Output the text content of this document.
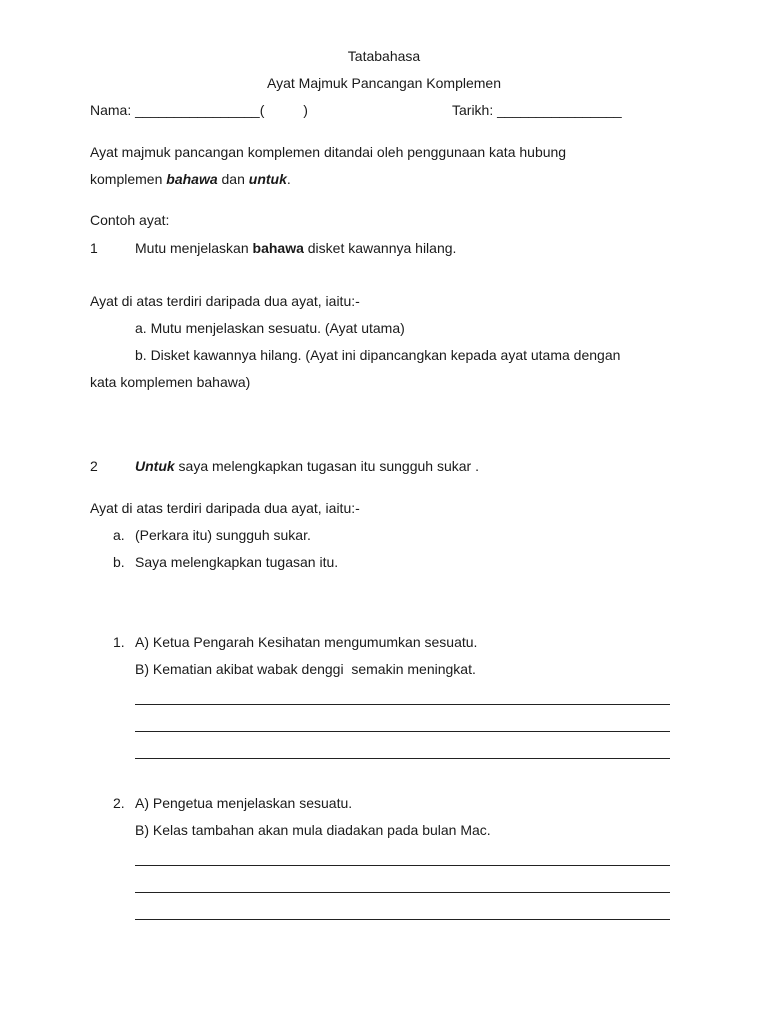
Tatabahasa
Ayat Majmuk Pancangan Komplemen
Nama: ________________(          )	Tarikh: ________________
Ayat majmuk pancangan komplemen ditandai oleh penggunaan kata hubung
komplemen bahawa dan untuk.
Contoh ayat:
1	Mutu menjelaskan bahawa disket kawannya hilang.
Ayat di atas terdiri daripada dua ayat, iaitu:-
a. Mutu menjelaskan sesuatu. (Ayat utama)
b. Disket kawannya hilang. (Ayat ini dipancangkan kepada ayat utama dengan
kata komplemen bahawa)
2	Untuk saya melengkapkan tugasan itu sungguh sukar .
Ayat di atas terdiri daripada dua ayat, iaitu:-
a. (Perkara itu) sungguh sukar.
b. Saya melengkapkan tugasan itu.
1. A) Ketua Pengarah Kesihatan mengumumkan sesuatu.
B) Kematian akibat wabak denggi  semakin meningkat.
2. A) Pengetua menjelaskan sesuatu.
B) Kelas tambahan akan mula diadakan pada bulan Mac.
